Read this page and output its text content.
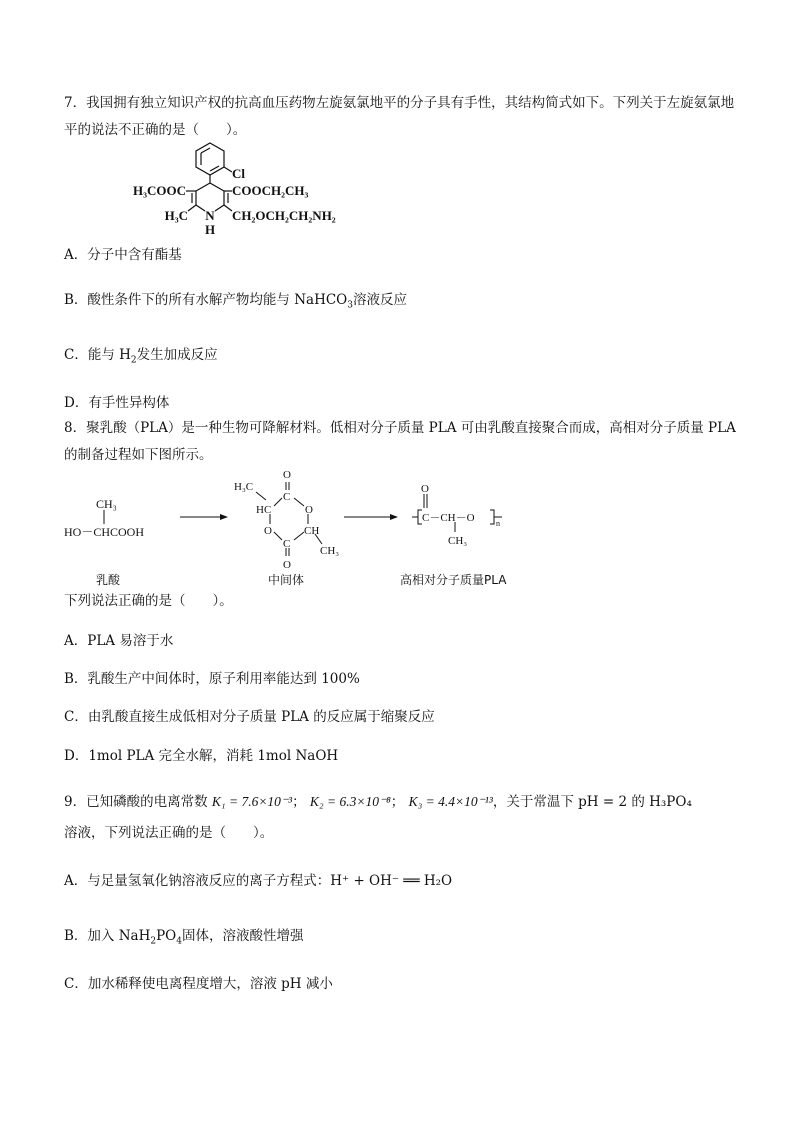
7．我国拥有独立知识产权的抗高血压药物左旋氨氯地平的分子具有手性，其结构简式如下。下列关于左旋氨氯地平的说法不正确的是（　　）。
Cl
H₃COOC	COOCH₂CH₃
H₃C N
H
CH₂OCH₂CH₂NH₂
A．分子中含有酯基
B．酸性条件下的所有水解产物均能与 NaHCO$_3$溶液反应
C．能与 $H_2$发生加成反应
D．有手性异构体
8．聚乳酸（PLA）是一种生物可降解材料。低相对分子质量 PLA 可由乳酸直接聚合而成，高相对分子质量 PLA 的制备过程如下图所示。
CH₃
HO－CHCOOH
H₃C
O
HC
C
O
O	CH
C
O
CH₃
O
C－CH－O	n
CH₃
乳酸	中间体	高相对分子质量PLA
下列说法正确的是（　　）。
A．PLA 易溶于水
B．乳酸生产中间体时，原子利用率能达到 100%
C．由乳酸直接生成低相对分子质量 PLA 的反应属于缩聚反应
D．1mol PLA 完全水解，消耗 1mol NaOH
9．已知磷酸的电离常数 K₁ = 7.6×10⁻³； K₂ = 6.3×10⁻⁸； K₃ = 4.4×10⁻¹³，关于常温下 pH = 2 的 H₃PO₄
溶液，下列说法正确的是（　　）。
A．与足量氢氧化钠溶液反应的离子方程式：H⁺ + OH⁻ ══ H₂O
B．加入 $NaH_2PO_4$固体，溶液酸性增强
C．加水稀释使电离程度增大，溶液 pH 减小
